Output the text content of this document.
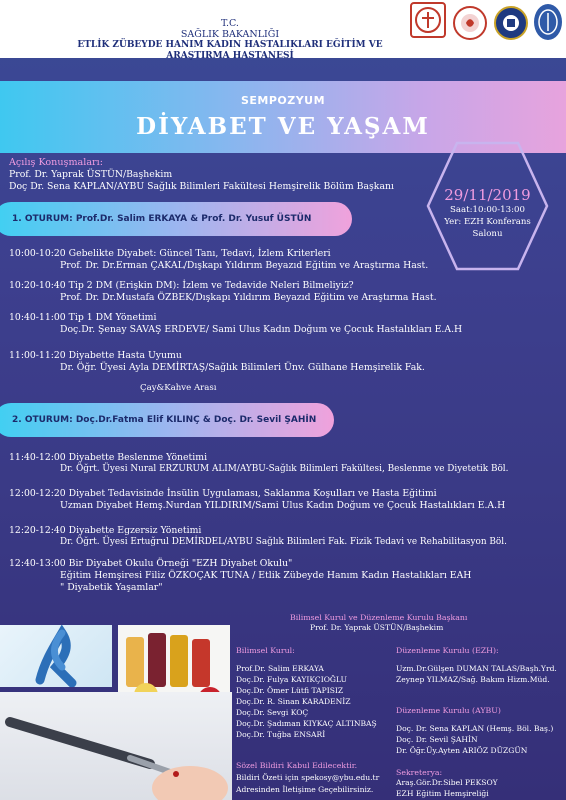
T.C.
SAĞLIK BAKANLIĞI
ETLİK ZÜBEYDE HANIM KADIN HASTALIKLARI EĞİTİM VE ARAŞTIRMA HASTANESİ
SEMPOZYUM
DİYABET VE YAŞAM
Açılış Konuşmaları:
Prof. Dr. Yaprak ÜSTÜN/Başhekim
Doç Dr. Sena KAPLAN/AYBU Sağlık Bilimleri Fakültesi Hemşirelik Bölüm Başkanı	29/11/2019
Saat:10:00-13:00
Yer: EZH Konferans
Salonu
1. OTURUM: Prof.Dr. Salim ERKAYA & Prof. Dr. Yusuf ÜSTÜN
10:00-10:20 Gebelikte Diyabet: Güncel Tanı, Tedavi, İzlem Kriterleri
Prof. Dr. Dr.Erman ÇAKAL/Dışkapı Yıldırım Beyazıd Eğitim ve Araştırma Hast.
10:20-10:40 Tip 2 DM (Erişkin DM): İzlem ve Tedavide Neleri Bilmeliyiz?
Prof. Dr. Dr.Mustafa ÖZBEK/Dışkapı Yıldırım Beyazıd Eğitim ve Araştırma Hast.
10:40-11:00 Tip 1 DM Yönetimi
Doç.Dr. Şenay SAVAŞ ERDEVE/ Sami Ulus Kadın Doğum ve Çocuk Hastalıkları E.A.H
11:00-11:20 Diyabette Hasta Uyumu
Dr. Öğr. Üyesi Ayla DEMİRTAŞ/Sağlık Bilimleri Ünv. Gülhane Hemşirelik Fak.
Çay&Kahve Arası
2. OTURUM: Doç.Dr.Fatma Elif KILINÇ & Doç. Dr. Sevil ŞAHİN
11:40-12:00 Diyabette Beslenme Yönetimi
Dr. Öğrt. Üyesi Nural ERZURUM ALIM/AYBU-Sağlık Bilimleri Fakültesi, Beslenme ve Diyetetik Böl.
12:00-12:20 Diyabet Tedavisinde İnsülin Uygulaması, Saklanma Koşulları ve Hasta Eğitimi
Uzman Diyabet Hemş.Nurdan YILDIRIM/Sami Ulus Kadın Doğum ve Çocuk Hastalıkları E.A.H
12:20-12:40 Diyabette Egzersiz Yönetimi
Dr. Öğrt. Üyesi Ertuğrul DEMİRDEL/AYBU Sağlık Bilimleri Fak. Fizik Tedavi ve Rehabilitasyon Böl.
12:40-13:00 Bir Diyabet Okulu Örneği "EZH Diyabet Okulu"
Eğitim Hemşiresi Filiz ÖZKOÇAK TUNA / Etlik Zübeyde Hanım Kadın Hastalıkları EAH
" Diyabetik Yaşamlar"
Bilimsel Kurul ve Düzenleme Kurulu Başkanı
Prof. Dr. Yaprak ÜSTÜN/Başhekim
Bilimsel Kurul:
Prof.Dr. Salim ERKAYA
Doç.Dr. Fulya KAYIKÇIOĞLU
Doç.Dr. Ömer Lütfi TAPISIZ
Doç.Dr. R. Sinan KARADENİZ
Doç.Dr. Sevgi KOÇ
Doç.Dr. Şadıman KIYKAÇ ALTINBAŞ
Doç.Dr. Tuğba ENSARİ
Sözel Bildiri Kabul Edilecektir.
Bildiri Özeti için spekosy@ybu.edu.tr
Adresinden İletişime Geçebilirsiniz.
Düzenleme Kurulu (EZH):
Uzm.Dr.Gülşen DUMAN TALAS/Başh.Yrd.
Zeynep YILMAZ/Sağ. Bakım Hizm.Müd.
Düzenleme Kurulu (AYBU)
Doç. Dr. Sena KAPLAN (Hemş. Böl. Baş.)
Doç. Dr. Sevil ŞAHİN
Dr. Öğr.Üy.Ayten ARIÖZ DÜZGÜN
Sekreterya:
Araş.Gör.Dr.Sibel PEKSOY
EZH Eğitim Hemşireliği
